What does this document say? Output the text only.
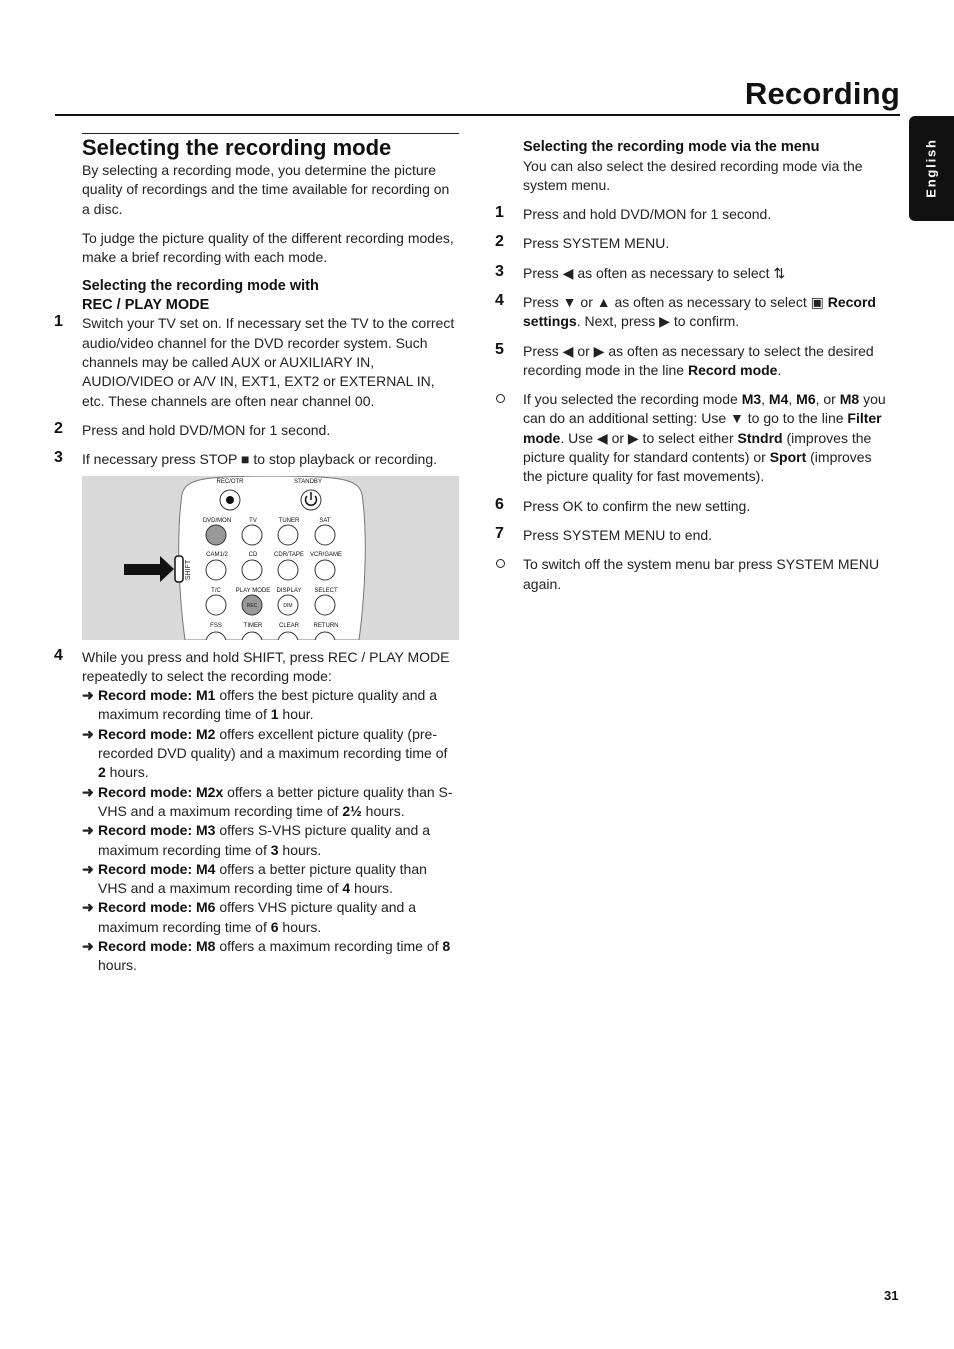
Recording
English
Selecting the recording mode

By selecting a recording mode, you determine the picture quality of recordings and the time available for recording on a disc.

To judge the picture quality of the different recording modes, make a brief recording with each mode.

Selecting the recording mode with
REC / PLAY MODE
1 Switch your TV set on. If necessary set the TV to the correct audio/video channel for the DVD recorder system. Such channels may be called AUX or AUXILIARY IN, AUDIO/VIDEO or A/V IN, EXT1, EXT2 or EXTERNAL IN, etc. These channels are often near channel 00.

2 Press and hold DVD/MON for 1 second.

3 If necessary press STOP ■ to stop playback or recording.

SHIFT
REC/OTR	STANDBY
DVD/MON	TV	TUNER	SAT
CAM1/2	CD	CDR/TAPE VCR/GAME
T/C PLAY MODE DISPLAY SELECT
REC	DIM
FSS	TIMER	CLEAR RETURN
4 While you press and hold SHIFT, press REC / PLAY MODE repeatedly to select the recording mode:

➜ Record mode: M1 offers the best picture quality and a maximum recording time of 1 hour.
➜ Record mode: M2 offers excellent picture quality (pre-recorded DVD quality) and a maximum recording time of 2 hours.
➜ Record mode: M2x offers a better picture quality than S-VHS and a maximum recording time of 2½ hours.
➜ Record mode: M3 offers S-VHS picture quality and a maximum recording time of 3 hours.
➜ Record mode: M4 offers a better picture quality than VHS and a maximum recording time of 4 hours.
➜ Record mode: M6 offers VHS picture quality and a maximum recording time of 6 hours.
➜ Record mode: M8 offers a maximum recording time of 8 hours.
Selecting the recording mode via the menu

You can also select the desired recording mode via the system menu.

1 Press and hold DVD/MON for 1 second.

2 Press SYSTEM MENU.

3 Press ◀ as often as necessary to select ⇅

4 Press ▼ or ▲ as often as necessary to select ▣ Record settings. Next, press ▶ to confirm.

5 Press ◀ or ▶ as often as necessary to select the desired recording mode in the line Record mode.

If you selected the recording mode M3, M4, M6, or M8 you can do an additional setting: Use ▼ to go to the line Filter mode. Use ◀ or ▶ to select either Stndrd (improves the picture quality for standard contents) or Sport (improves the picture quality for fast movements).

6 Press OK to confirm the new setting.

7 Press SYSTEM MENU to end.

To switch off the system menu bar press SYSTEM MENU again.

31
